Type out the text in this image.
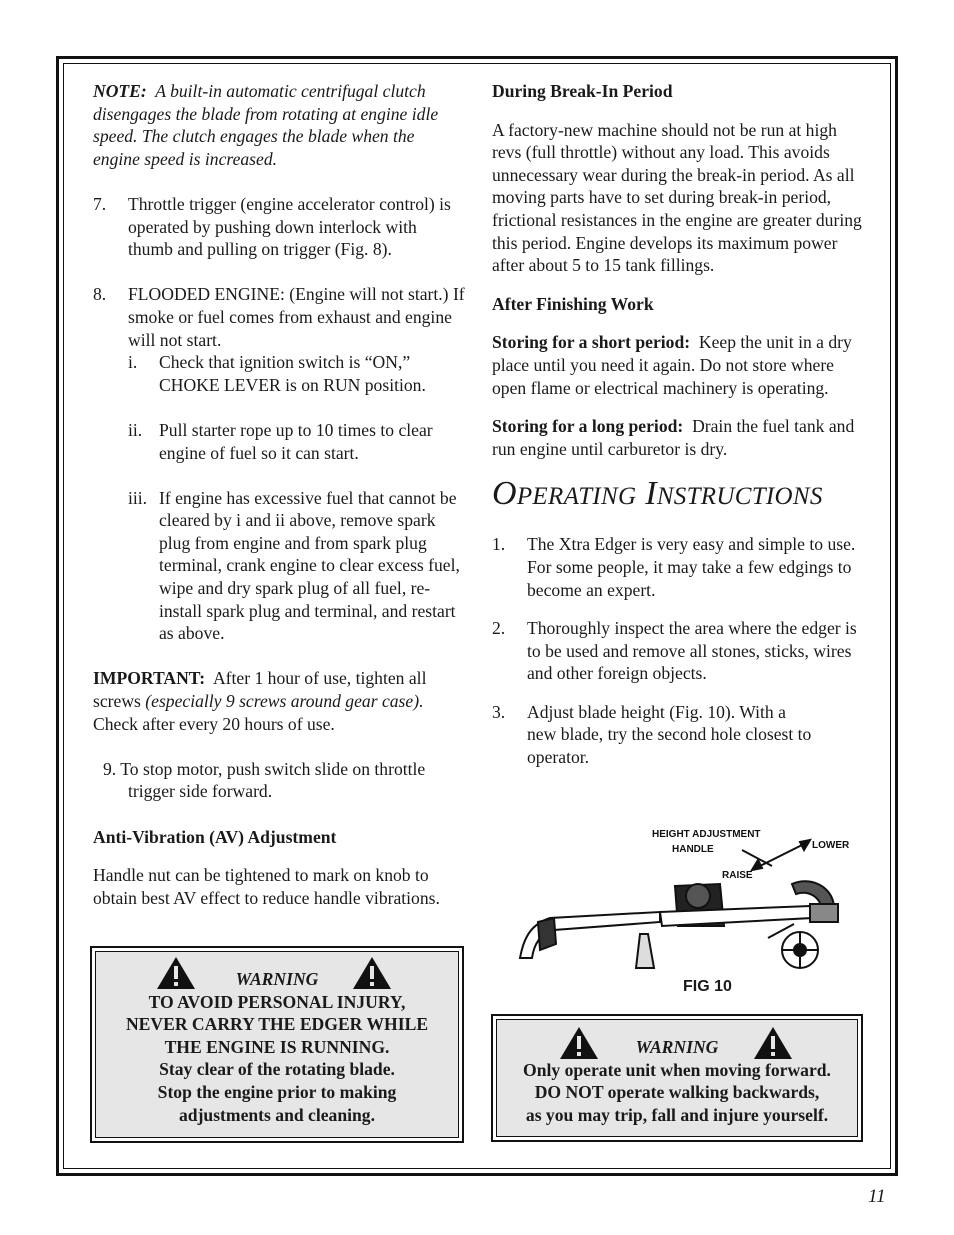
NOTE: A built-in automatic centrifugal clutch disengages the blade from rotating at engine idle speed. The clutch engages the blade when the engine speed is increased.

7.	Throttle trigger (engine accelerator control) is operated by pushing down interlock with thumb and pulling on trigger (Fig. 8).
8.	FLOODED ENGINE: (Engine will not start.) If smoke or fuel comes from exhaust and engine will not start.
i.	Check that ignition switch is “ON,” CHOKE LEVER is on RUN position.
ii. Pull starter rope up to 10 times to clear engine of fuel so it can start.
iii. If engine has excessive fuel that cannot be cleared by i and ii above, remove spark plug from engine and from spark plug terminal, crank engine to clear excess fuel, wipe and dry spark plug of all fuel, re-install spark plug and terminal, and restart as above.

IMPORTANT: After 1 hour of use, tighten all screws (especially 9 screws around gear case). Check after every 20 hours of use.

9. To stop motor, push switch slide on throttle trigger side forward.

Anti-Vibration (AV) Adjustment

Handle nut can be tightened to mark on knob to obtain best AV effect to reduce handle vibrations.

WARNING
TO AVOID PERSONAL INJURY,
NEVER CARRY THE EDGER WHILE
THE ENGINE IS RUNNING.
Stay clear of the rotating blade.
Stop the engine prior to making
adjustments and cleaning.

During Break-In Period

A factory-new machine should not be run at high revs (full throttle) without any load. This avoids unnecessary wear during the break-in period. As all moving parts have to set during break-in period, frictional resistances in the engine are greater during this period. Engine develops its maximum power after about 5 to 15 tank fillings.

After Finishing Work

Storing for a short period: Keep the unit in a dry place until you need it again. Do not store where open flame or electrical machinery is operating.

Storing for a long period: Drain the fuel tank and run engine until carburetor is dry.

OPERATING INSTRUCTIONS
1.	The Xtra Edger is very easy and simple to use. For some people, it may take a few edgings to become an expert.
2.	Thoroughly inspect the area where the edger is to be used and remove all stones, sticks, wires and other foreign objects.
3.	Adjust blade height (Fig. 10). With a new blade, try the second hole closest to operator.
HEIGHT ADJUSTMENT
HANDLE	LOWER
RAISE
FIG 10
WARNING
Only operate unit when moving forward.
DO NOT operate walking backwards,
as you may trip, fall and injure yourself.
11
